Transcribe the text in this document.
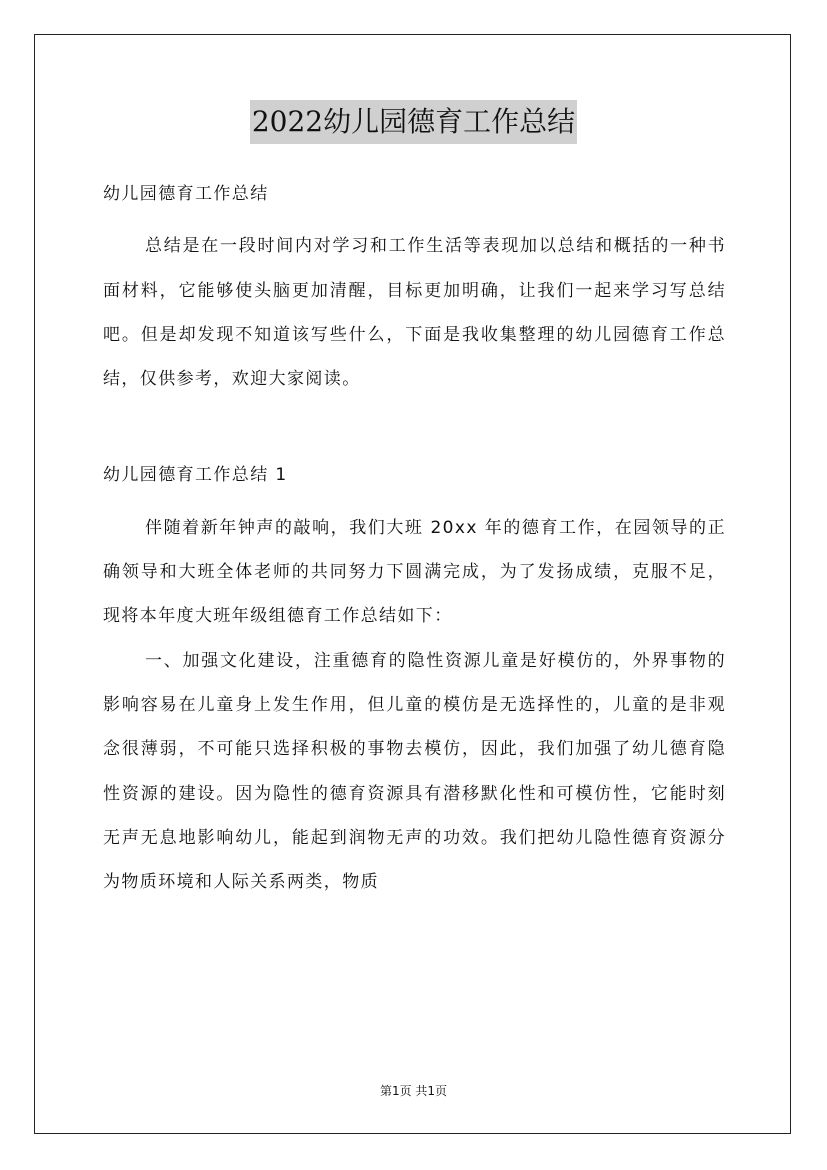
2022幼儿园德育工作总结

幼儿园德育工作总结

总结是在一段时间内对学习和工作生活等表现加以总结和概括的一种书面材料，它能够使头脑更加清醒，目标更加明确，让我们一起来学习写总结吧。但是却发现不知道该写些什么，下面是我收集整理的幼儿园德育工作总结，仅供参考，欢迎大家阅读。

幼儿园德育工作总结 1

伴随着新年钟声的敲响，我们大班 20xx 年的德育工作，在园领导的正确领导和大班全体老师的共同努力下圆满完成，为了发扬成绩，克服不足，现将本年度大班年级组德育工作总结如下：

一、加强文化建设，注重德育的隐性资源儿童是好模仿的，外界事物的影响容易在儿童身上发生作用，但儿童的模仿是无选择性的，儿童的是非观念很薄弱，不可能只选择积极的事物去模仿，因此，我们加强了幼儿德育隐性资源的建设。因为隐性的德育资源具有潜移默化性和可模仿性，它能时刻无声无息地影响幼儿，能起到润物无声的功效。我们把幼儿隐性德育资源分为物质环境和人际关系两类，物质

第1页 共1页
